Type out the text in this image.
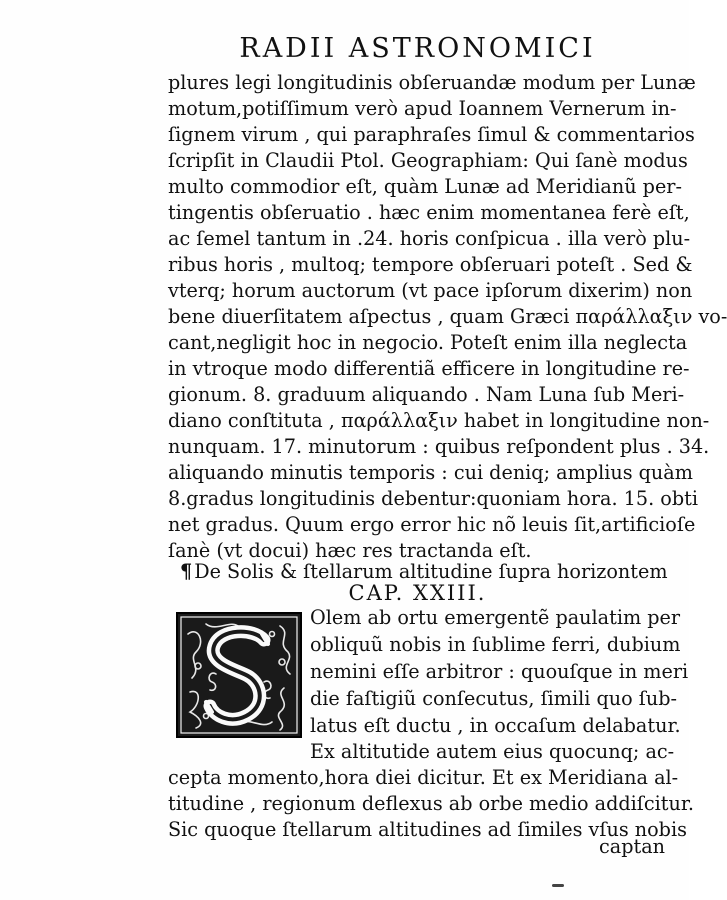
RADII ASTRONOMICI
plures legi longitudinis obſeruandæ modum per Lunæ
motum,potiſſimum verò apud Ioannem Vernerum in-
ſignem virum , qui paraphraſes ſimul & commentarios
ſcripſit in Claudii Ptol. Geographiam: Qui ſanè modus
multo commodior eſt, quàm Lunæ ad Meridianũ per-
tingentis obſeruatio . hæc enim momentanea ferè eſt,
ac ſemel tantum in .24. horis conſpicua . illa verò plu-
ribus horis , multoq; tempore obſeruari poteſt . Sed &
vterq; horum auctorum (vt pace ipſorum dixerim) non
bene diuerſitatem aſpectus , quam Græci παράλλαξιν vo-
cant,negligit hoc in negocio. Poteſt enim illa neglecta
in vtroque modo differentiã efficere in longitudine re-
gionum. 8. graduum aliquando . Nam Luna ſub Meri-
diano conſtituta , παράλλαξιν habet in longitudine non-
nunquam. 17. minutorum : quibus reſpondent plus . 34.
aliquando minutis temporis : cui deniq; amplius quàm
8.gradus longitudinis debentur:quoniam hora. 15. obti
net gradus. Quum ergo error hic nõ leuis ſit,artificioſe
ſanè (vt docui) hæc res tractanda eſt.
¶ De Solis & ſtellarum altitudine ſupra horizontem
CAP. XXIII.
Olem ab ortu emergentẽ paulatim per
obliquũ nobis in ſublime ferri, dubium
nemini eſſe arbitror : quouſque in meri
die faſtigiũ conſecutus, ſimili quo ſub-
latus eſt ductu , in occaſum delabatur.
Ex altitutide autem eius quocunq; ac-
cepta momento,hora diei dicitur. Et ex Meridiana al-
titudine , regionum deflexus ab orbe medio addiſcitur.
Sic quoque ſtellarum altitudines ad ſimiles vſus nobis
captan
